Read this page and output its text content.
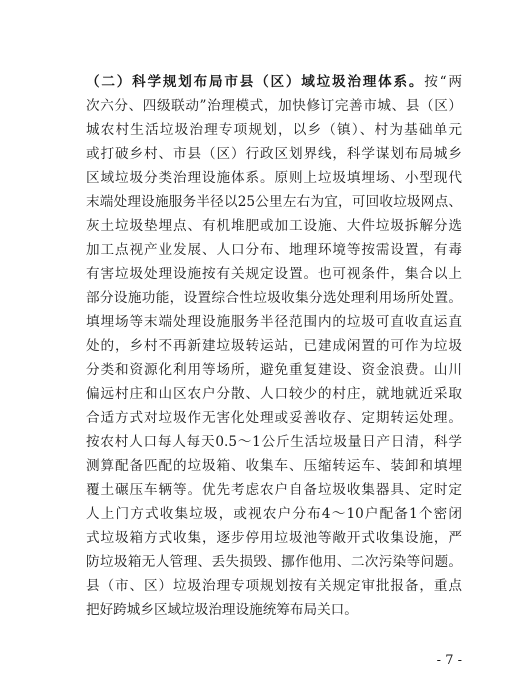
（二）科学规划布局市县（区）域垃圾治理体系。按“两
次六分、四级联动”治理模式，加快修订完善市城、县（区）
城农村生活垃圾治理专项规划，以乡（镇）、村为基础单元
或打破乡村、市县（区）行政区划界线，科学谋划布局城乡
区域垃圾分类治理设施体系。原则上垃圾填埋场、小型现代
末端处理设施服务半径以25公里左右为宜，可回收垃圾网点、
灰土垃圾垫埋点、有机堆肥或加工设施、大件垃圾拆解分选
加工点视产业发展、人口分布、地理环境等按需设置，有毒
有害垃圾处理设施按有关规定设置。也可视条件，集合以上
部分设施功能，设置综合性垃圾收集分选处理利用场所处置。
填埋场等末端处理设施服务半径范围内的垃圾可直收直运直
处的，乡村不再新建垃圾转运站，已建成闲置的可作为垃圾
分类和资源化利用等场所，避免重复建设、资金浪费。山川
偏远村庄和山区农户分散、人口较少的村庄，就地就近采取
合适方式对垃圾作无害化处理或妥善收存、定期转运处理。
按农村人口每人每天0.5～1公斤生活垃圾量日产日清，科学
测算配备匹配的垃圾箱、收集车、压缩转运车、装卸和填埋
覆土碾压车辆等。优先考虑农户自备垃圾收集器具、定时定
人上门方式收集垃圾，或视农户分布4～10户配备1个密闭
式垃圾箱方式收集，逐步停用垃圾池等敞开式收集设施，严
防垃圾箱无人管理、丢失损毁、挪作他用、二次污染等问题。
县（市、区）垃圾治理专项规划按有关规定审批报备，重点
把好跨城乡区域垃圾治理设施统筹布局关口。
- 7 -
